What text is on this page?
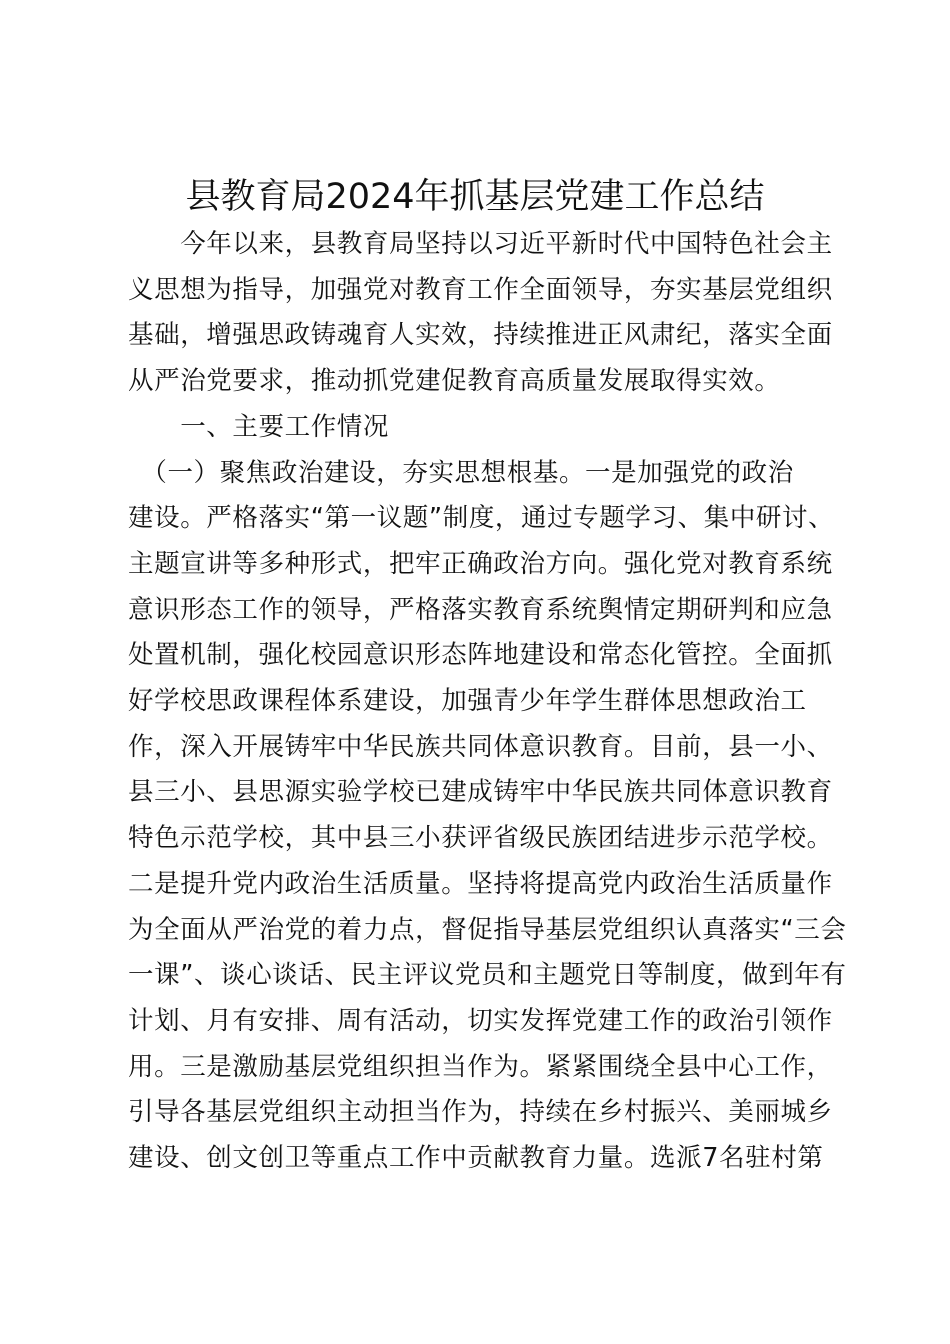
县教育局2024年抓基层党建工作总结
　　今年以来，县教育局坚持以习近平新时代中国特色社会主
义思想为指导，加强党对教育工作全面领导，夯实基层党组织
基础，增强思政铸魂育人实效，持续推进正风肃纪，落实全面
从严治党要求，推动抓党建促教育高质量发展取得实效。
　　一、主要工作情况
　（一）聚焦政治建设，夯实思想根基。一是加强党的政治
建设。严格落实“第一议题”制度，通过专题学习、集中研讨、
主题宣讲等多种形式，把牢正确政治方向。强化党对教育系统
意识形态工作的领导，严格落实教育系统舆情定期研判和应急
处置机制，强化校园意识形态阵地建设和常态化管控。全面抓
好学校思政课程体系建设，加强青少年学生群体思想政治工
作，深入开展铸牢中华民族共同体意识教育。目前，县一小、
县三小、县思源实验学校已建成铸牢中华民族共同体意识教育
特色示范学校，其中县三小获评省级民族团结进步示范学校。
二是提升党内政治生活质量。坚持将提高党内政治生活质量作
为全面从严治党的着力点，督促指导基层党组织认真落实“三会
一课”、谈心谈话、民主评议党员和主题党日等制度，做到年有
计划、月有安排、周有活动，切实发挥党建工作的政治引领作
用。三是激励基层党组织担当作为。紧紧围绕全县中心工作，
引导各基层党组织主动担当作为，持续在乡村振兴、美丽城乡
建设、创文创卫等重点工作中贡献教育力量。选派7名驻村第
